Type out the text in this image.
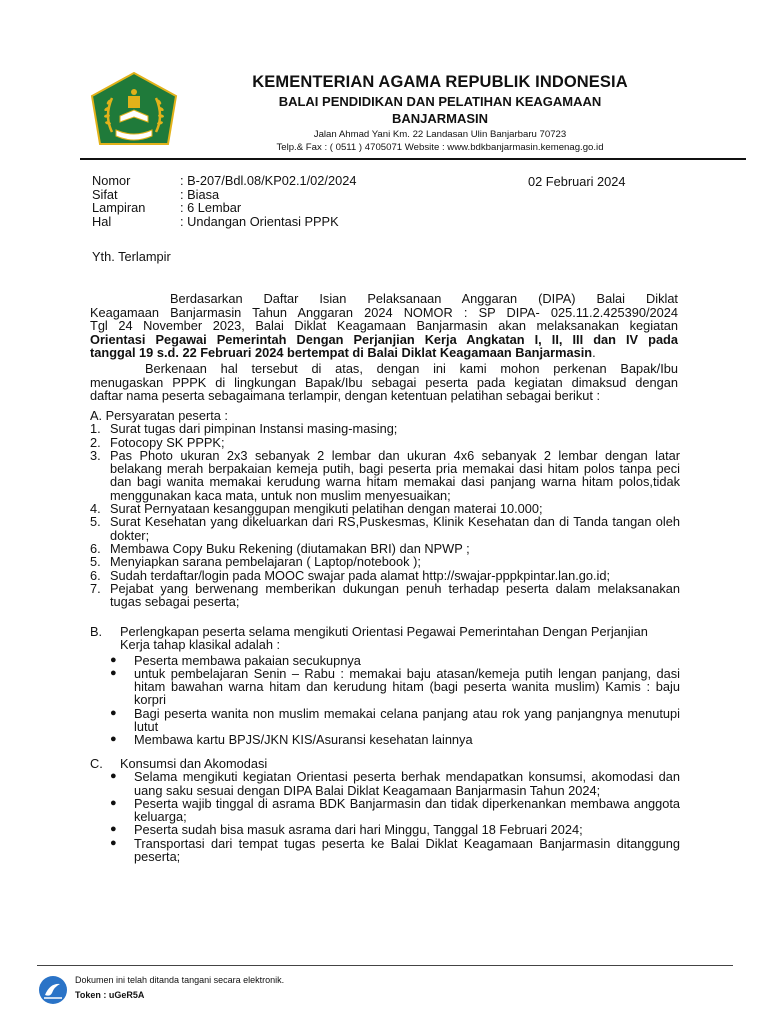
KEMENTERIAN AGAMA REPUBLIK INDONESIA
BALAI PENDIDIKAN DAN PELATIHAN KEAGAMAAN
BANJARMASIN
Jalan Ahmad Yani Km. 22 Landasan Ulin Banjarbaru 70723
Telp.& Fax : ( 0511 ) 4705071 Website : www.bdkbanjarmasin.kemenag.go.id
Nomor	: B-207/Bdl.08/KP02.1/02/2024
Sifat	: Biasa
Lampiran	: 6 Lembar
Hal	: Undangan Orientasi PPPK
02 Februari 2024
Yth. Terlampir
Berdasarkan Daftar Isian Pelaksanaan Anggaran (DIPA) Balai Diklat
Keagamaan Banjarmasin Tahun Anggaran 2024 NOMOR : SP DIPA- 025.11.2.425390/2024
Tgl 24 November 2023, Balai Diklat Keagamaan Banjarmasin akan melaksanakan kegiatan
Orientasi Pegawai Pemerintah Dengan Perjanjian Kerja Angkatan I, II, III dan IV pada
tanggal 19 s.d. 22 Februari 2024 bertempat di Balai Diklat Keagamaan Banjarmasin.
Berkenaan hal tersebut di atas, dengan ini kami mohon perkenan Bapak/Ibu
menugaskan PPPK di lingkungan Bapak/Ibu sebagai peserta pada kegiatan dimaksud dengan
daftar nama peserta sebagaimana terlampir, dengan ketentuan pelatihan sebagai berikut :
A. Persyaratan peserta :
1. Surat tugas dari pimpinan Instansi masing-masing;
2. Fotocopy SK PPPK;
3. Pas Photo ukuran 2x3 sebanyak 2 lembar dan ukuran 4x6 sebanyak 2 lembar dengan latar belakang merah berpakaian kemeja putih, bagi peserta pria memakai dasi hitam polos tanpa peci dan bagi wanita memakai kerudung warna hitam memakai dasi panjang warna hitam polos,tidak menggunakan kaca mata, untuk non muslim menyesuaikan;
4. Surat Pernyataan kesanggupan mengikuti pelatihan dengan materai 10.000;
5. Surat Kesehatan yang dikeluarkan dari RS,Puskesmas, Klinik Kesehatan dan di Tanda tangan oleh dokter;
6. Membawa Copy Buku Rekening (diutamakan BRI) dan NPWP ;
5. Menyiapkan sarana pembelajaran ( Laptop/notebook );
6. Sudah terdaftar/login pada MOOC swajar pada alamat http://swajar-pppkpintar.lan.go.id;
7. Pejabat yang berwenang memberikan dukungan penuh terhadap peserta dalam melaksanakan tugas sebagai peserta;
B.	Perlengkapan peserta selama mengikuti Orientasi Pegawai Pemerintahan Dengan Perjanjian Kerja tahap klasikal adalah :
●	Peserta membawa pakaian secukupnya
●	untuk pembelajaran Senin – Rabu : memakai baju atasan/kemeja putih lengan panjang, dasi hitam bawahan warna hitam dan kerudung hitam (bagi peserta wanita muslim) Kamis : baju korpri
●	Bagi peserta wanita non muslim memakai celana panjang atau rok yang panjangnya menutupi lutut
●	Membawa kartu BPJS/JKN KIS/Asuransi kesehatan lainnya
C.	Konsumsi dan Akomodasi
●	Selama mengikuti kegiatan Orientasi peserta berhak mendapatkan konsumsi, akomodasi dan uang saku sesuai dengan DIPA Balai Diklat Keagamaan Banjarmasin Tahun 2024;
●	Peserta wajib tinggal di asrama BDK Banjarmasin dan tidak diperkenankan membawa anggota keluarga;
●	Peserta sudah bisa masuk asrama dari hari Minggu, Tanggal 18 Februari 2024;
●	Transportasi dari tempat tugas peserta ke Balai Diklat Keagamaan Banjarmasin ditanggung peserta;
Dokumen ini telah ditanda tangani secara elektronik.
Token : uGeR5A
